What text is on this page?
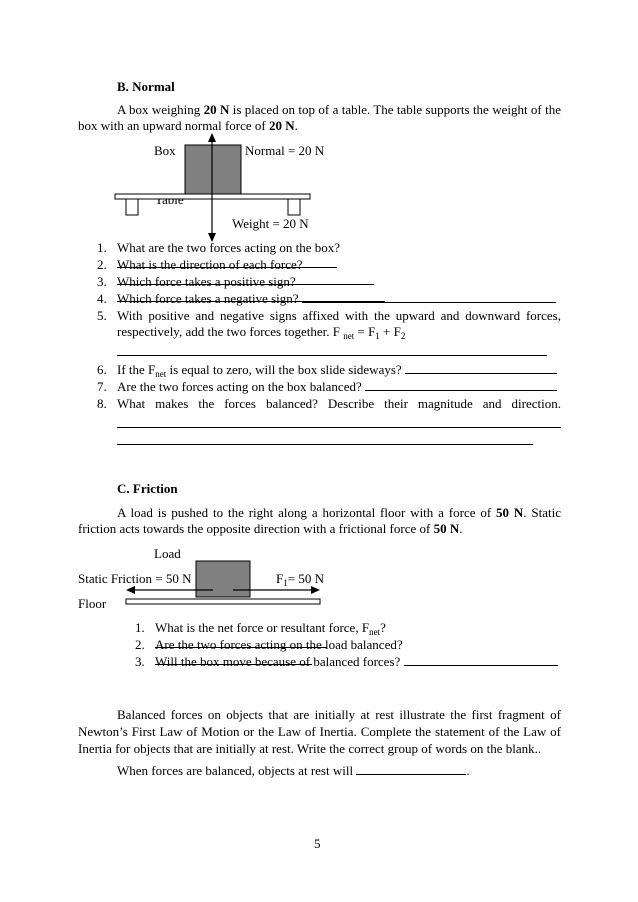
B. Normal
A box weighing 20 N is placed on top of a table. The table supports the weight of the box with an upward normal force of 20 N.
Box	Normal = 20 N
Weight = 20 N
1. What are the two forces acting on the box?
2. What is the direction of each force?
3. Which force takes a positive sign?
4. Which force takes a negative sign?
5. With positive and negative signs affixed with the upward and downward forces, respectively, add the two forces together. F $_{net} = F_1 + F_2$

6. If the $F_{net}$ is equal to zero, will the box slide sideways?
7. Are the two forces acting on the box balanced?
8. What makes the forces balanced? Describe their magnitude and direction.
C. Friction
A load is pushed to the right along a horizontal floor with a force of 50 N. Static friction acts towards the opposite direction with a frictional force of 50 N.
Load
Static Friction = 50 N	$F_1= 50$ N
Floor
1. What is the net force or resultant force, $F_{net}$?
2. Are the two forces acting on the load balanced?
3. Will the box move because of balanced forces?
Balanced forces on objects that are initially at rest illustrate the first fragment of Newton’s First Law of Motion or the Law of Inertia. Complete the statement of the Law of Inertia for objects that are initially at rest. Write the correct group of words on the blank..
When forces are balanced, objects at rest will	.
5
